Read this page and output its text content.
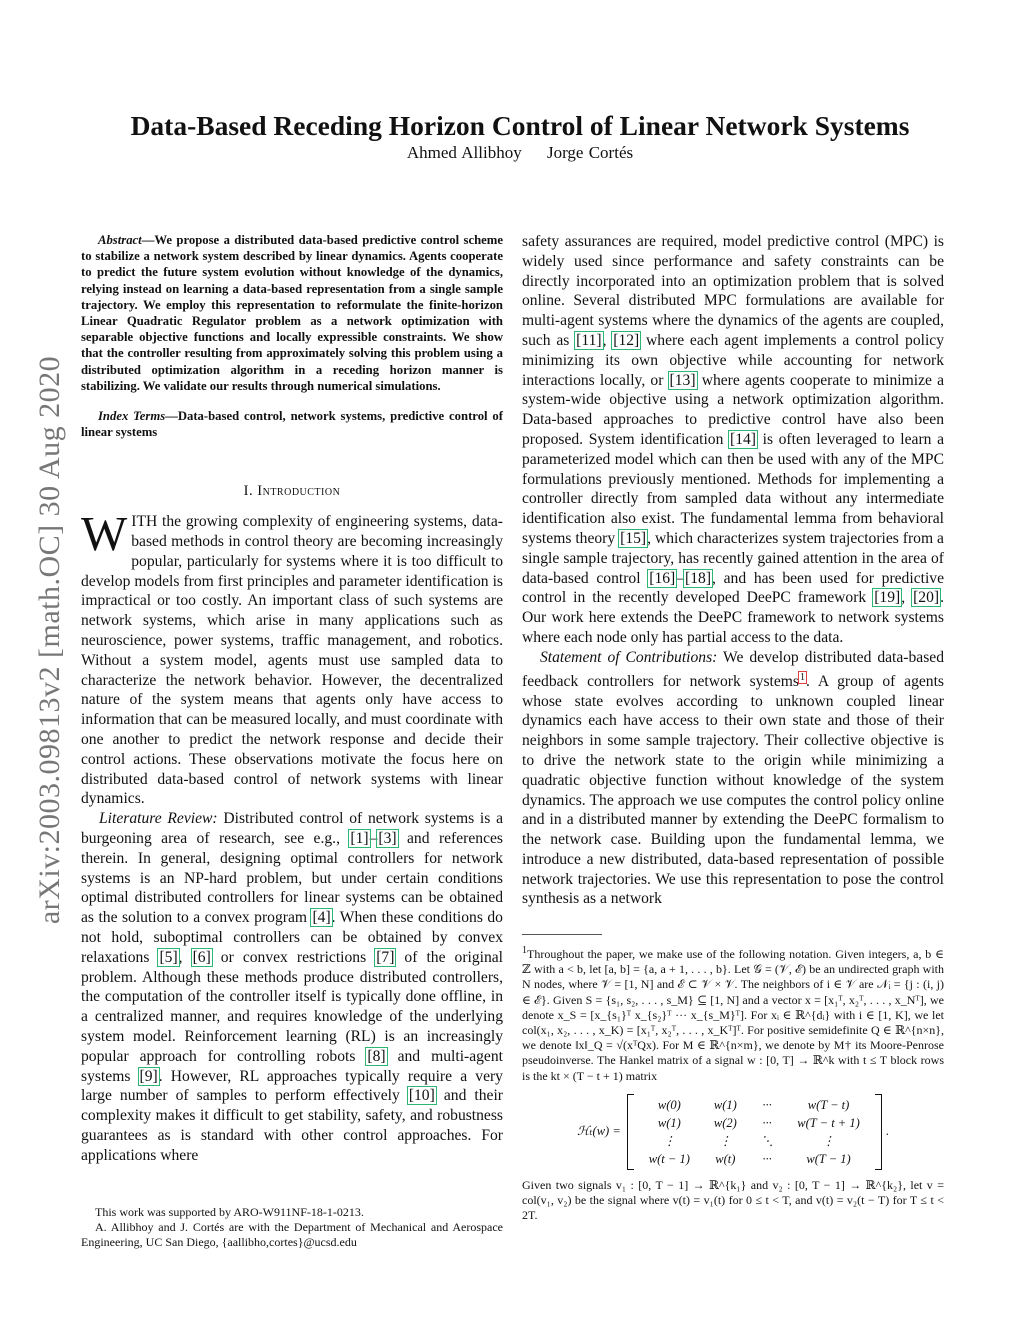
arXiv:2003.09813v2 [math.OC] 30 Aug 2020
Data-Based Receding Horizon Control of Linear Network Systems
Ahmed Allibhoy Jorge Cortés

Abstract—We propose a distributed data-based predictive control scheme to stabilize a network system described by linear dynamics. Agents cooperate to predict the future system evolution without knowledge of the dynamics, relying instead on learning a data-based representation from a single sample trajectory. We employ this representation to reformulate the finite-horizon Linear Quadratic Regulator problem as a network optimization with separable objective functions and locally expressible constraints. We show that the controller resulting from approximately solving this problem using a distributed optimization algorithm in a receding horizon manner is stabilizing. We validate our results through numerical simulations.

Index Terms—Data-based control, network systems, predictive control of linear systems

I. Introduction

WITH the growing complexity of engineering systems, data-based methods in control theory are becoming increasingly popular, particularly for systems where it is too difficult to develop models from first principles and parameter identification is impractical or too costly. An important class of such systems are network systems, which arise in many applications such as neuroscience, power systems, traffic management, and robotics. Without a system model, agents must use sampled data to characterize the network behavior. However, the decentralized nature of the system means that agents only have access to information that can be measured locally, and must coordinate with one another to predict the network response and decide their control actions. These observations motivate the focus here on distributed data-based control of network systems with linear dynamics.

Literature Review: Distributed control of network systems is a burgeoning area of research, see e.g., [1]–[3] and references therein. In general, designing optimal controllers for network systems is an NP-hard problem, but under certain conditions optimal distributed controllers for linear systems can be obtained as the solution to a convex program [4]. When these conditions do not hold, suboptimal controllers can be obtained by convex relaxations [5], [6] or convex restrictions [7] of the original problem. Although these methods produce distributed controllers, the computation of the controller itself is typically done offline, in a centralized manner, and requires knowledge of the underlying system model. Reinforcement learning (RL) is an increasingly popular approach for controlling robots [8] and multi-agent systems [9]. However, RL approaches typically require a very large number of samples to perform effectively [10] and their complexity makes it difficult to get stability, safety, and robustness guarantees as is standard with other control approaches. For applications where

This work was supported by ARO-W911NF-18-1-0213.

A. Allibhoy and J. Cortés are with the Department of Mechanical and Aerospace Engineering, UC San Diego, {aallibho,cortes}@ucsd.edu

safety assurances are required, model predictive control (MPC) is widely used since performance and safety constraints can be directly incorporated into an optimization problem that is solved online. Several distributed MPC formulations are available for multi-agent systems where the dynamics of the agents are coupled, such as [11], [12] where each agent implements a control policy minimizing its own objective while accounting for network interactions locally, or [13] where agents cooperate to minimize a system-wide objective using a network optimization algorithm. Data-based approaches to predictive control have also been proposed. System identification [14] is often leveraged to learn a parameterized model which can then be used with any of the MPC formulations previously mentioned. Methods for implementing a controller directly from sampled data without any intermediate identification also exist. The fundamental lemma from behavioral systems theory [15], which characterizes system trajectories from a single sample trajectory, has recently gained attention in the area of data-based control [16]–[18], and has been used for predictive control in the recently developed DeePC framework [19], [20]. Our work here extends the DeePC framework to network systems where each node only has partial access to the data.

Statement of Contributions: We develop distributed data-based feedback controllers for network systems$^1$. A group of agents whose state evolves according to unknown coupled linear dynamics each have access to their own state and those of their neighbors in some sample trajectory. Their collective objective is to drive the network state to the origin while minimizing a quadratic objective function without knowledge of the system dynamics. The approach we use computes the control policy online and in a distributed manner by extending the DeePC formalism to the network case. Building upon the fundamental lemma, we introduce a new distributed, data-based representation of possible network trajectories. We use this representation to pose the control synthesis as a network

$^1$Throughout the paper, we make use of the following notation. Given integers, a, b ∈ ℤ with a < b, let [a, b] = {a, a + 1, . . . , b}. Let 𝒢 = (𝒱, ℰ) be an undirected graph with N nodes, where 𝒱 = [1, N] and ℰ ⊂ 𝒱 × 𝒱. The neighbors of i ∈ 𝒱 are 𝒩ᵢ = {j : (i, j) ∈ ℰ}. Given S = {s₁, s₂, . . . , s_M} ⊆ [1, N] and a vector x = [x₁ᵀ, x₂ᵀ, . . . , x_Nᵀ], we denote x_S = [x_{s₁}ᵀ x_{s₂}ᵀ ··· x_{s_M}ᵀ]. For xᵢ ∈ ℝ^{dᵢ} with i ∈ [1, K], we let col(x₁, x₂, . . . , x_K) = [x₁ᵀ, x₂ᵀ, . . . , x_Kᵀ]ᵀ. For positive semidefinite Q ∈ ℝ^{n×n}, we denote ‖x‖_Q = √(xᵀQx). For M ∈ ℝ^{n×m}, we denote by M† its Moore-Penrose pseudoinverse. The Hankel matrix of a signal w : [0, T] → ℝ^k with t ≤ T block rows is the kt × (T − t + 1) matrix

ℋₜ(w) =
w(0)	w(1)	···	w(T − t)
w(1)	w(2)	···	w(T − t + 1)
⋮	⋮	⋱	⋮
w(t − 1)	w(t)	···	w(T − 1)
.

Given two signals v₁ : [0, T − 1] → ℝ^{k₁} and v₂ : [0, T − 1] → ℝ^{k₂}, let v = col(v₁, v₂) be the signal where v(t) = v₁(t) for 0 ≤ t < T, and v(t) = v₂(t − T) for T ≤ t < 2T.
